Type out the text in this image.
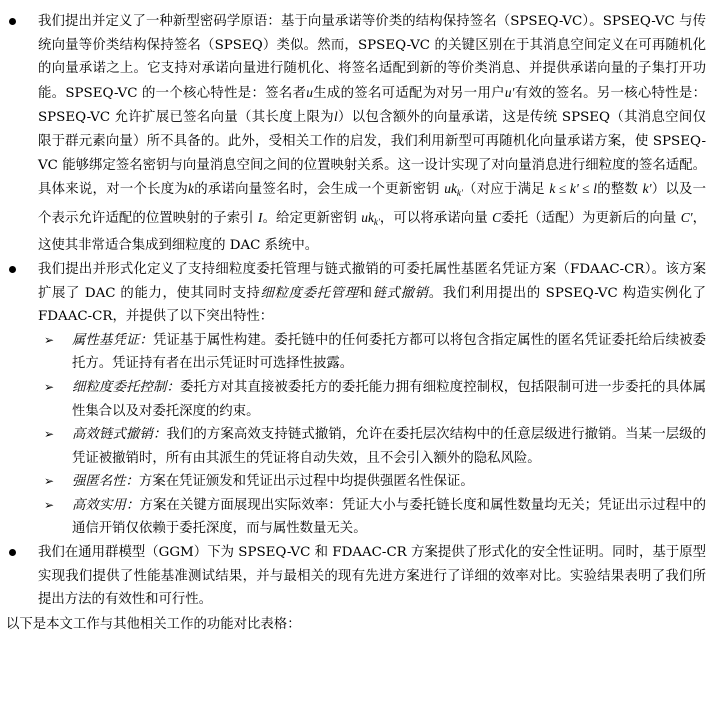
我们提出并定义了一种新型密码学原语：基于向量承诺等价类的结构保持签名（SPSEQ-VC）。SPSEQ-VC 与传统向量等价类结构保持签名（SPSEQ）类似。然而，SPSEQ-VC 的关键区别在于其消息空间定义在可再随机化的向量承诺之上。它支持对承诺向量进行随机化、将签名适配到新的等价类消息、并提供承诺向量的子集打开功能。SPSEQ-VC 的一个核心特性是：签名者u生成的签名可适配为对另一用户u'有效的签名。另一核心特性是：SPSEQ-VC 允许扩展已签名向量（其长度上限为l）以包含额外的向量承诺，这是传统 SPSEQ（其消息空间仅限于群元素向量）所不具备的。此外，受相关工作的启发，我们利用新型可再随机化向量承诺方案，使 SPSEQ-VC 能够绑定签名密钥与向量消息空间之间的位置映射关系。这一设计实现了对向量消息进行细粒度的签名适配。具体来说，对一个长度为k的承诺向量签名时，会生成一个更新密钥 $uk_{k'}$（对应于满足 k ≤ k' ≤ l的整数 k'）以及一个表示允许适配的位置映射的子索引 I。给定更新密钥 $uk_{k'}$，可以将承诺向量 C委托（适配）为更新后的向量 C'，这使其非常适合集成到细粒度的 DAC 系统中。
我们提出并形式化定义了支持细粒度委托管理与链式撤销的可委托属性基匿名凭证方案（FDAAC-CR）。该方案扩展了 DAC 的能力，使其同时支持细粒度委托管理和链式撤销。我们利用提出的 SPSEQ-VC 构造实例化了 FDAAC-CR，并提供了以下突出特性：
➢ 属性基凭证：凭证基于属性构建。委托链中的任何委托方都可以将包含指定属性的匿名凭证委托给后续被委托方。凭证持有者在出示凭证时可选择性披露。
➢ 细粒度委托控制：委托方对其直接被委托方的委托能力拥有细粒度控制权，包括限制可进一步委托的具体属性集合以及对委托深度的约束。
➢ 高效链式撤销：我们的方案高效支持链式撤销，允许在委托层次结构中的任意层级进行撤销。当某一层级的凭证被撤销时，所有由其派生的凭证将自动失效，且不会引入额外的隐私风险。
➢ 强匿名性：方案在凭证颁发和凭证出示过程中均提供强匿名性保证。
➢ 高效实用：方案在关键方面展现出实际效率：凭证大小与委托链长度和属性数量均无关；凭证出示过程中的通信开销仅依赖于委托深度，而与属性数量无关。
我们在通用群模型（GGM）下为 SPSEQ-VC 和 FDAAC-CR 方案提供了形式化的安全性证明。同时，基于原型实现我们提供了性能基准测试结果，并与最相关的现有先进方案进行了详细的效率对比。实验结果表明了我们所提出方法的有效性和可行性。
以下是本文工作与其他相关工作的功能对比表格：
